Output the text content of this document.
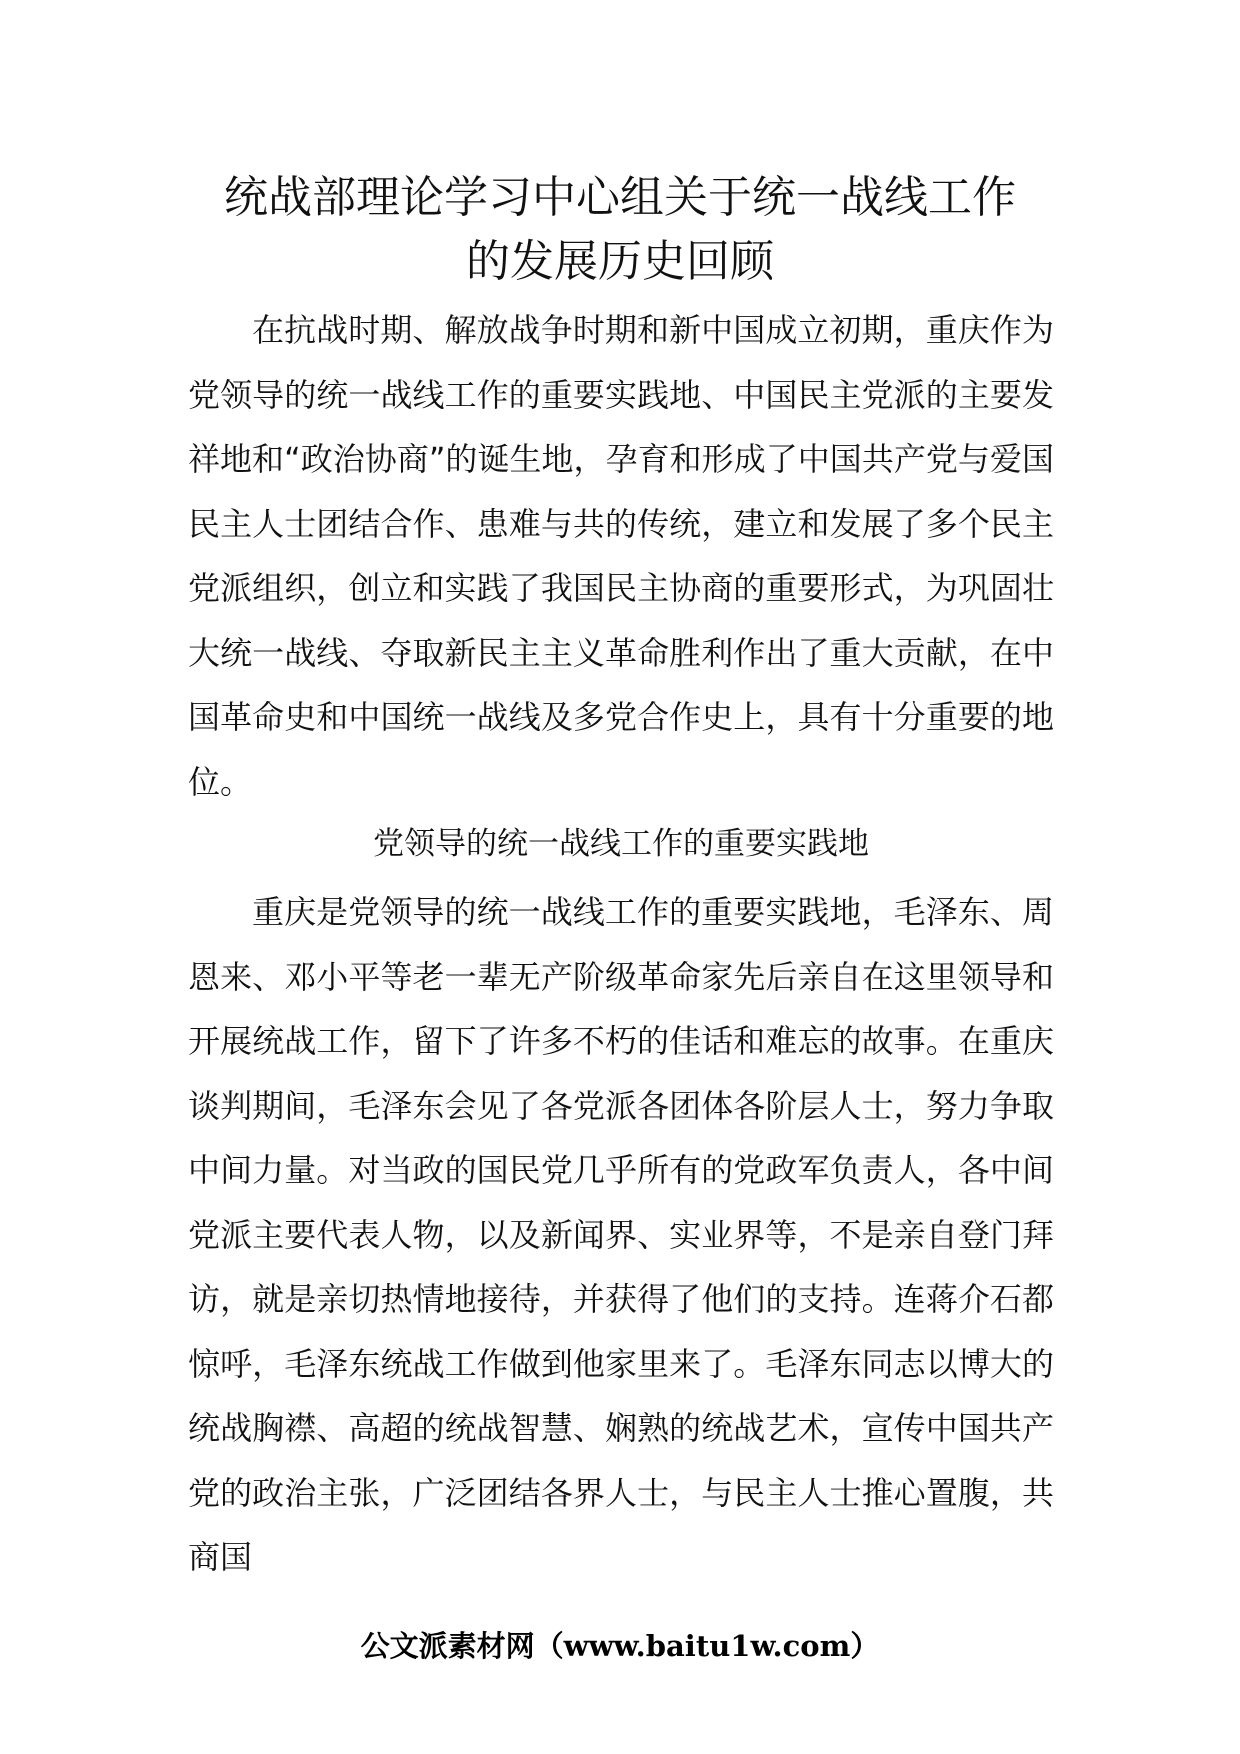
统战部理论学习中心组关于统一战线工作
的发展历史回顾

在抗战时期、解放战争时期和新中国成立初期，重庆作为党领导的统一战线工作的重要实践地、中国民主党派的主要发祥地和“政治协商”的诞生地，孕育和形成了中国共产党与爱国民主人士团结合作、患难与共的传统，建立和发展了多个民主党派组织，创立和实践了我国民主协商的重要形式，为巩固壮大统一战线、夺取新民主主义革命胜利作出了重大贡献，在中国革命史和中国统一战线及多党合作史上，具有十分重要的地位。

党领导的统一战线工作的重要实践地

重庆是党领导的统一战线工作的重要实践地，毛泽东、周恩来、邓小平等老一辈无产阶级革命家先后亲自在这里领导和开展统战工作，留下了许多不朽的佳话和难忘的故事。在重庆谈判期间，毛泽东会见了各党派各团体各阶层人士，努力争取中间力量。对当政的国民党几乎所有的党政军负责人，各中间党派主要代表人物，以及新闻界、实业界等，不是亲自登门拜访，就是亲切热情地接待，并获得了他们的支持。连蒋介石都惊呼，毛泽东统战工作做到他家里来了。毛泽东同志以博大的统战胸襟、高超的统战智慧、娴熟的统战艺术，宣传中国共产党的政治主张，广泛团结各界人士，与民主人士推心置腹，共商国

公文派素材网（www.baitu1w.com）
